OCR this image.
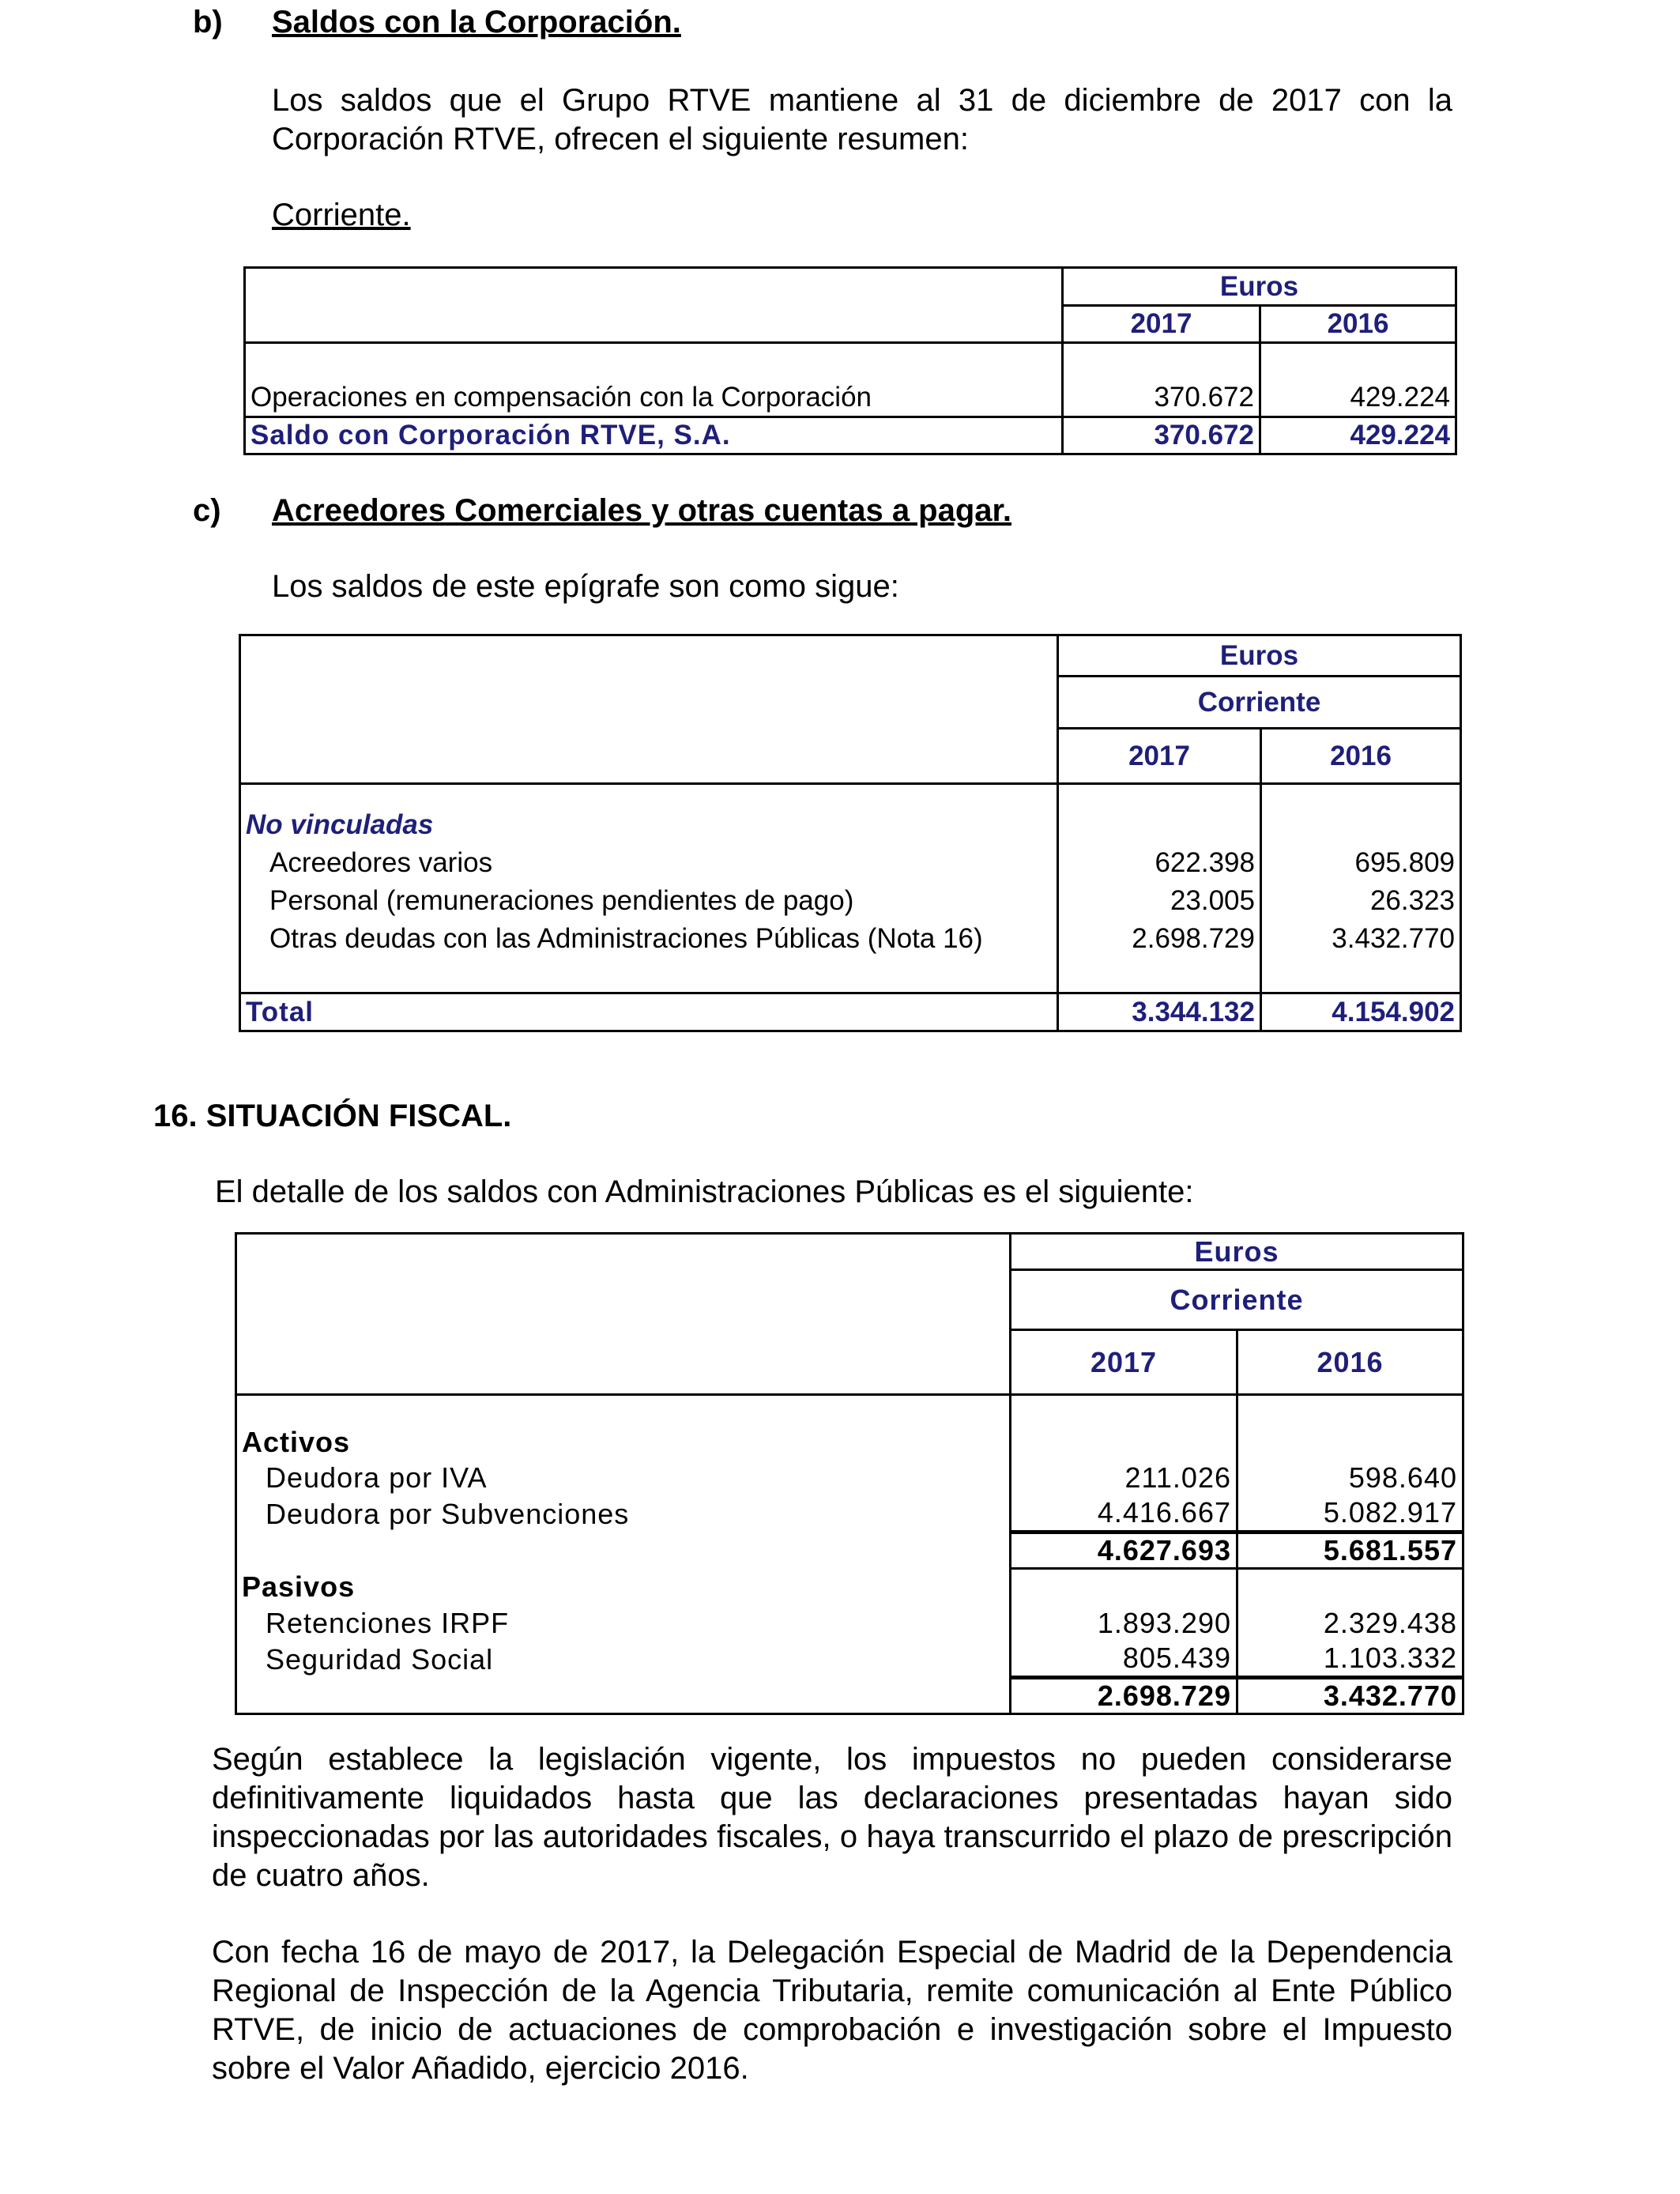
b) Saldos con la Corporación.
Los saldos que el Grupo RTVE mantiene al 31 de diciembre de 2017 con la Corporación RTVE, ofrecen el siguiente resumen:
Corriente.
	Euros	
	2017	2016

Operaciones en compensación con la Corporación	370.672	429.224
Saldo con Corporación RTVE, S.A.	370.672	429.224
c) Acreedores Comerciales y otras cuentas a pagar.
Los saldos de este epígrafe son como sigue:
	Euros	
	Corriente	
	2017	2016

No vinculadas		
Acreedores varios	622.398	695.809
Personal (remuneraciones pendientes de pago)	23.005	26.323
Otras deudas con las Administraciones Públicas (Nota 16)	2.698.729	3.432.770

Total	3.344.132	4.154.902
16. SITUACIÓN FISCAL.
El detalle de los saldos con Administraciones Públicas es el siguiente:
	Euros	
	Corriente	
	2017	2016

Activos		
Deudora por IVA	211.026	598.640
Deudora por Subvenciones	4.416.667	5.082.917
	4.627.693	5.681.557
Pasivos		
Retenciones IRPF	1.893.290	2.329.438
Seguridad Social	805.439	1.103.332
	2.698.729	3.432.770
Según establece la legislación vigente, los impuestos no pueden considerarse definitivamente liquidados hasta que las declaraciones presentadas hayan sido inspeccionadas por las autoridades fiscales, o haya transcurrido el plazo de prescripción de cuatro años.
Con fecha 16 de mayo de 2017, la Delegación Especial de Madrid de la Dependencia Regional de Inspección de la Agencia Tributaria, remite comunicación al Ente Público RTVE, de inicio de actuaciones de comprobación e investigación sobre el Impuesto sobre el Valor Añadido, ejercicio 2016.
